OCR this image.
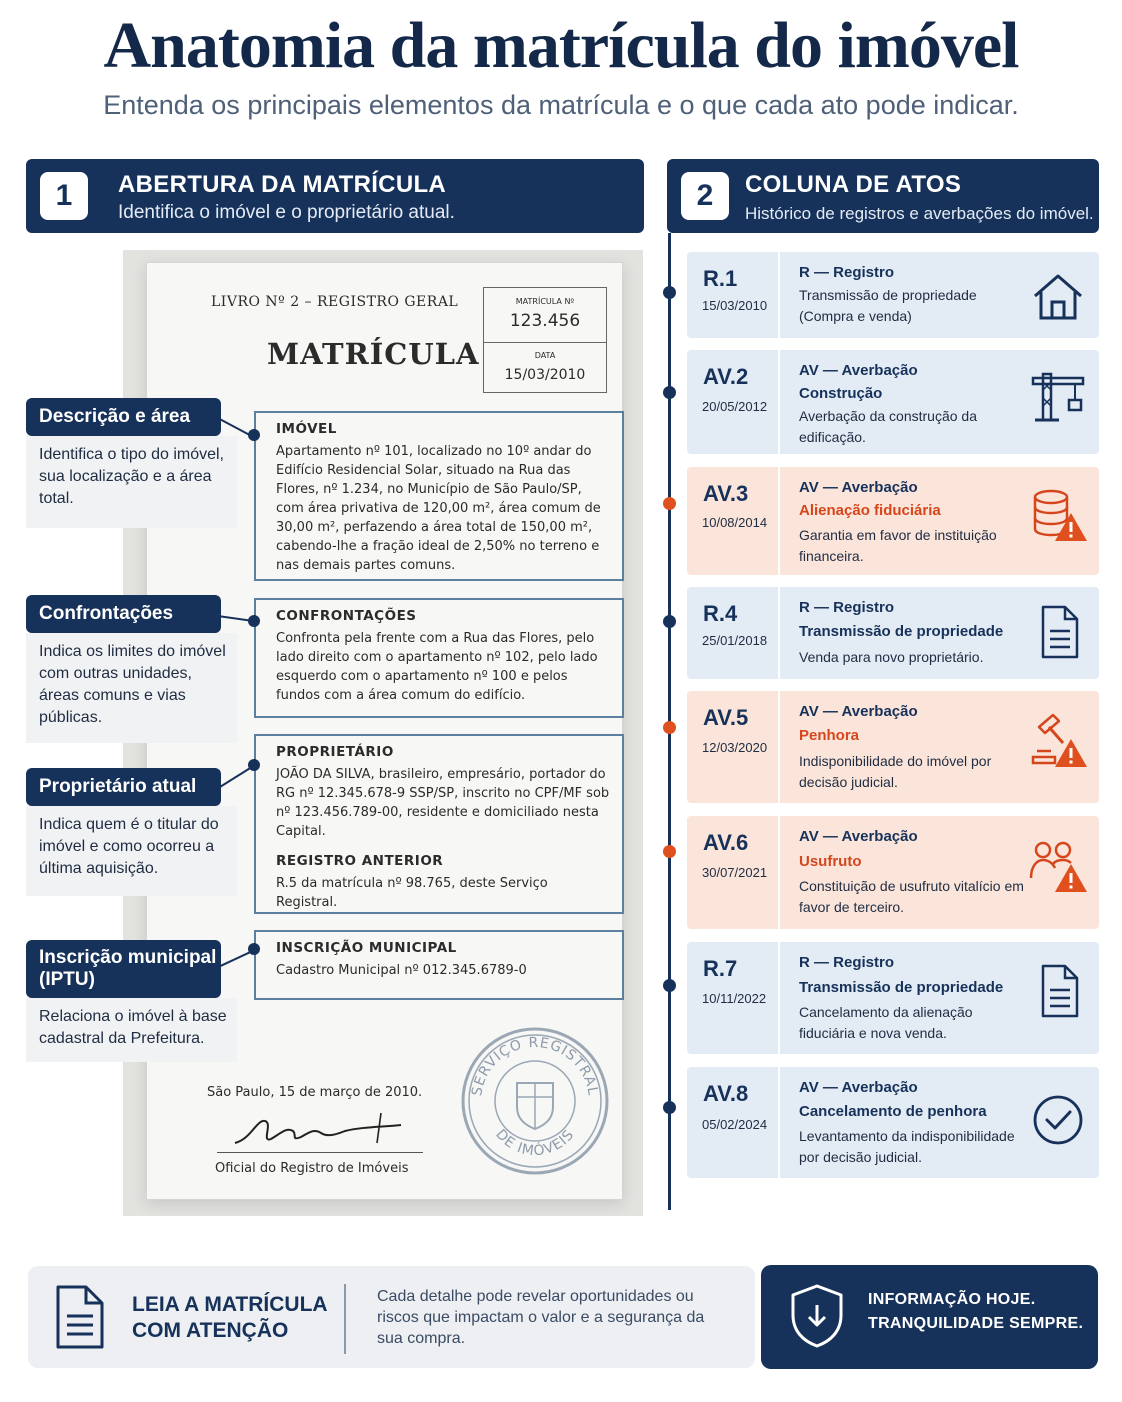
Anatomia da matrícula do imóvel
Entenda os principais elementos da matrícula e o que cada ato pode indicar.
1	ABERTURA DA MATRÍCULA
Identifica o imóvel e o proprietário atual.
2	COLUNA DE ATOS
Histórico de registros e averbações do imóvel.
LIVRO Nº 2 – REGISTRO GERAL
MATRÍCULA
MATRÍCULA Nº
123.456
DATA
15/03/2010
IMÓVEL
Apartamento nº 101, localizado no 10º andar do Edifício Residencial Solar, situado na Rua das Flores, nº 1.234, no Município de São Paulo/SP, com área privativa de 120,00 m², área comum de 30,00 m², perfazendo a área total de 150,00 m², cabendo-lhe a fração ideal de 2,50% no terreno e nas demais partes comuns.
CONFRONTAÇÕES
Confronta pela frente com a Rua das Flores, pelo lado direito com o apartamento nº 102, pelo lado esquerdo com o apartamento nº 100 e pelos fundos com a área comum do edifício.
PROPRIETÁRIO
JOÃO DA SILVA, brasileiro, empresário, portador do RG nº 12.345.678-9 SSP/SP, inscrito no CPF/MF sob nº 123.456.789-00, residente e domiciliado nesta Capital.
REGISTRO ANTERIOR
R.5 da matrícula nº 98.765, deste Serviço Registral.
INSCRIÇÃO MUNICIPAL
Cadastro Municipal nº 012.345.6789-0
São Paulo, 15 de março de 2010.
Oficial do Registro de Imóveis
SERVIÇO REGISTRAL
DE IMÓVEIS
Descrição e área
Identifica o tipo do imóvel, sua localização e a área total.
Confrontações
Indica os limites do imóvel com outras unidades, áreas comuns e vias públicas.
Proprietário atual
Indica quem é o titular do imóvel e como ocorreu a última aquisição.
Inscrição municipal (IPTU)
Relaciona o imóvel à base cadastral da Prefeitura.
R.1
15/03/2010
R — Registro
Transmissão de propriedade (Compra e venda)
AV.2
20/05/2012
AV — Averbação
Construção
Averbação da construção da edificação.
AV.3
10/08/2014
AV — Averbação
Alienação fiduciária
Garantia em favor de instituição financeira.
R.4
25/01/2018
R — Registro
Transmissão de propriedade
Venda para novo proprietário.
AV.5
12/03/2020
AV — Averbação
Penhora
Indisponibilidade do imóvel por decisão judicial.
AV.6
30/07/2021
AV — Averbação
Usufruto
Constituição de usufruto vitalício em favor de terceiro.
R.7
10/11/2022
R — Registro
Transmissão de propriedade
Cancelamento da alienação fiduciária e nova venda.
AV.8
05/02/2024
AV — Averbação
Cancelamento de penhora
Levantamento da indisponibilidade por decisão judicial.
LEIA A MATRÍCULA
COM ATENÇÃO
Cada detalhe pode revelar oportunidades ou riscos que impactam o valor e a segurança da sua compra.
INFORMAÇÃO HOJE.
TRANQUILIDADE SEMPRE.
